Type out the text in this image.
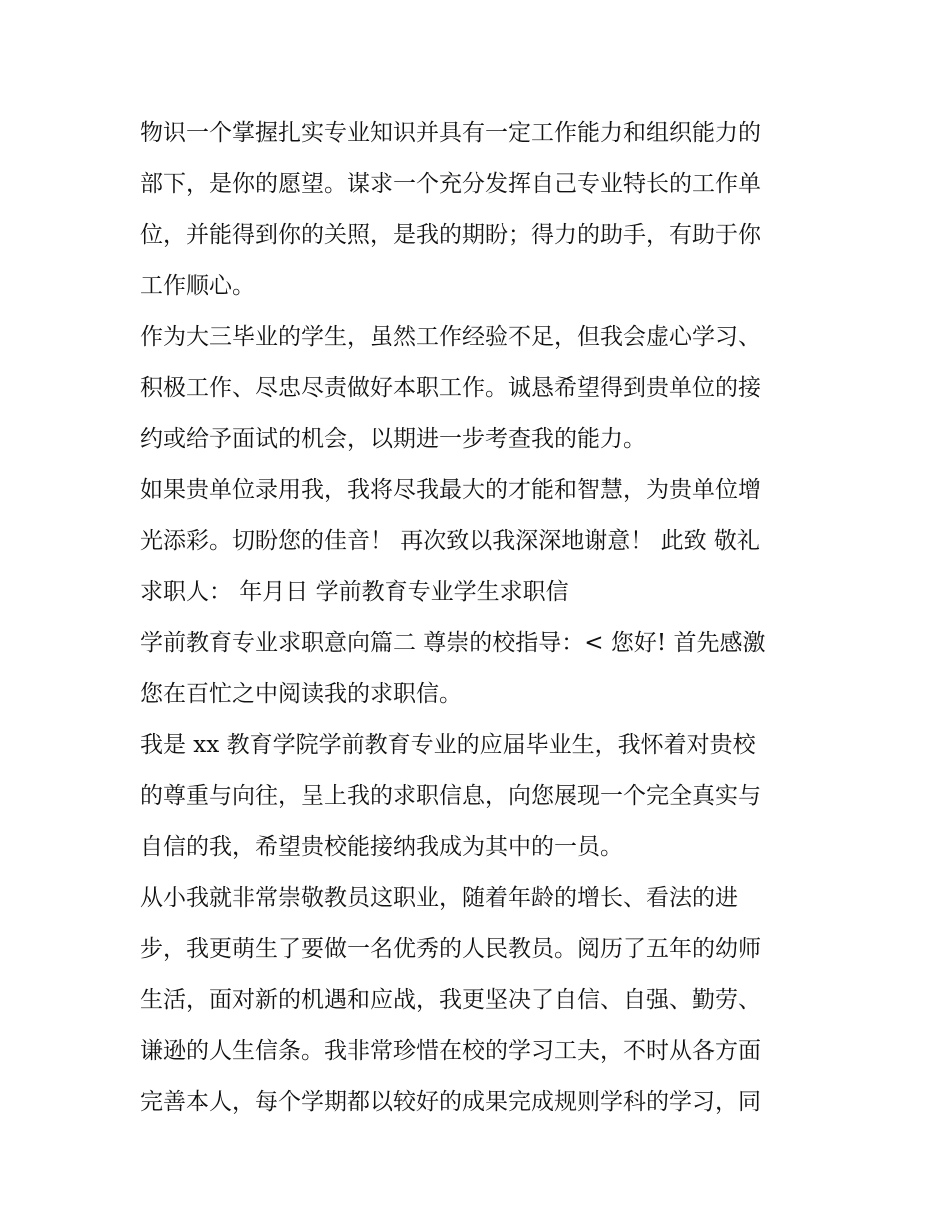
物识一个掌握扎实专业知识并具有一定工作能力和组织能力的
部下，是你的愿望。谋求一个充分发挥自己专业特长的工作单
位，并能得到你的关照，是我的期盼；得力的助手，有助于你
工作顺心。
作为大三毕业的学生，虽然工作经验不足，但我会虚心学习、
积极工作、尽忠尽责做好本职工作。诚恳希望得到贵单位的接
约或给予面试的机会，以期进一步考查我的能力。
如果贵单位录用我，我将尽我最大的才能和智慧，为贵单位增
光添彩。切盼您的佳音！ 再次致以我深深地谢意！ 此致 敬礼
求职人： 年月日 学前教育专业学生求职信
学前教育专业求职意向篇二 尊崇的校指导：< 您好! 首先感激
您在百忙之中阅读我的求职信。
我是 xx 教育学院学前教育专业的应届毕业生，我怀着对贵校
的尊重与向往，呈上我的求职信息，向您展现一个完全真实与
自信的我，希望贵校能接纳我成为其中的一员。
从小我就非常崇敬教员这职业，随着年龄的增长、看法的进
步，我更萌生了要做一名优秀的人民教员。阅历了五年的幼师
生活，面对新的机遇和应战，我更坚决了自信、自强、勤劳、
谦逊的人生信条。我非常珍惜在校的学习工夫，不时从各方面
完善本人，每个学期都以较好的成果完成规则学科的学习，同
